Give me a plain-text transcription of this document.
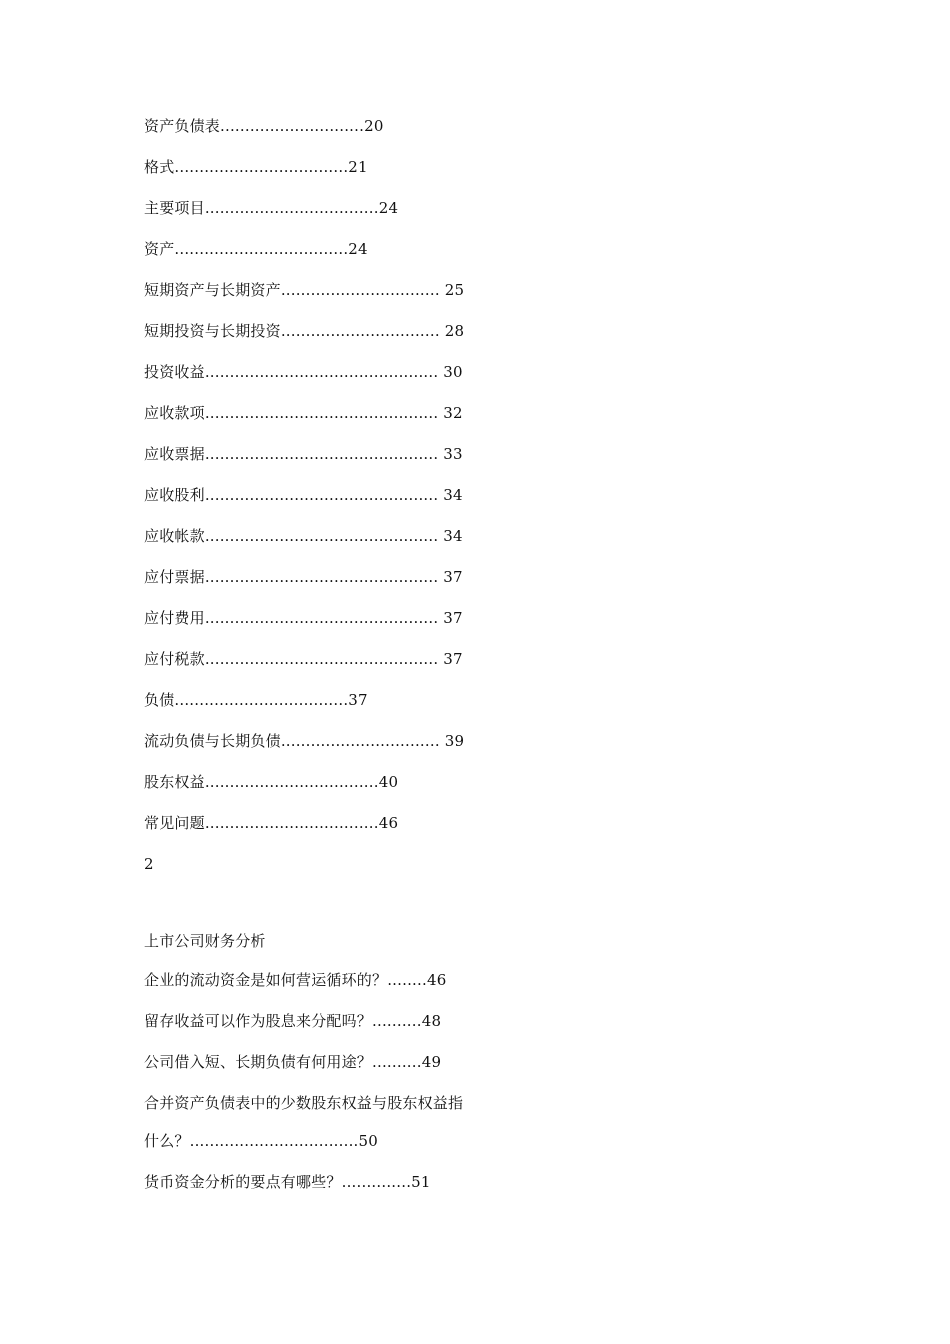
资产负债表.............................20
格式...................................21
主要项目...................................24
资产...................................24
短期资产与长期资产................................ 25
短期投资与长期投资................................ 28
投资收益............................................... 30
应收款项............................................... 32
应收票据............................................... 33
应收股利............................................... 34
应收帐款............................................... 34
应付票据............................................... 37
应付费用............................................... 37
应付税款............................................... 37
负债...................................37
流动负债与长期负债................................ 39
股东权益...................................40
常见问题...................................46
2
上市公司财务分析
企业的流动资金是如何营运循环的？........46
留存收益可以作为股息来分配吗？..........48
公司借入短、长期负债有何用途？..........49
合并资产负债表中的少数股东权益与股东权益指
什么？..................................50
货币资金分析的要点有哪些？..............51
